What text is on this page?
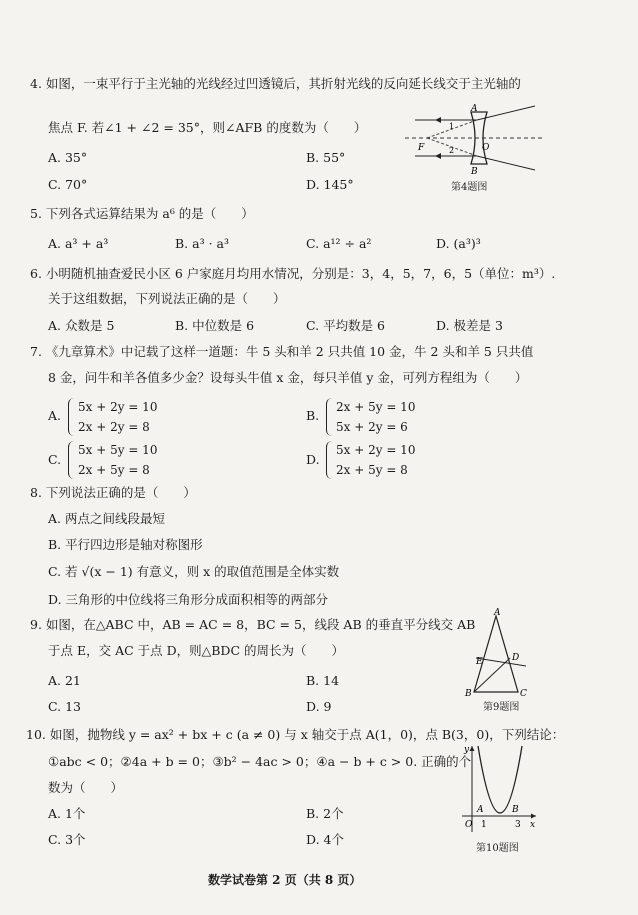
4. 如图，一束平行于主光轴的光线经过凹透镜后，其折射光线的反向延长线交于主光轴的
焦点 F. 若∠1 + ∠2 = 35°，则∠AFB 的度数为（　　）
A. 35°	B. 55°
C. 70°	D. 145°
A
B
O
F
1
2
第4题图
5. 下列各式运算结果为 a⁶ 的是（　　）
A. a³ + a³	B. a³ · a³	C. a¹² ÷ a²	D. (a³)³
6. 小明随机抽查爱民小区 6 户家庭月均用水情况，分别是：3，4，5，7，6，5（单位：m³）.
关于这组数据，下列说法正确的是（　　）
A. 众数是 5	B. 中位数是 6	C. 平均数是 6	D. 极差是 3
7. 《九章算术》中记载了这样一道题：牛 5 头和羊 2 只共值 10 金，牛 2 头和羊 5 只共值
8 金，问牛和羊各值多少金？设每头牛值 x 金，每只羊值 y 金，可列方程组为（　　）
A.
5x + 2y = 10
2x + 2y = 8
B.
2x + 5y = 10
5x + 2y = 6
C.
5x + 5y = 10
2x + 5y = 8
D.
5x + 2y = 10
2x + 5y = 8
8. 下列说法正确的是（　　）
A. 两点之间线段最短
B. 平行四边形是轴对称图形
C. 若 √(x − 1) 有意义，则 x 的取值范围是全体实数
D. 三角形的中位线将三角形分成面积相等的两部分
9. 如图，在△ABC 中，AB = AC = 8，BC = 5，线段 AB 的垂直平分线交 AB
于点 E，交 AC 于点 D，则△BDC 的周长为（　　）
A. 21	B. 14
C. 13	D. 9
A
B	C
D
E
第9题图
10. 如图，抛物线 y = ax² + bx + c (a ≠ 0) 与 x 轴交于点 A(1，0)，点 B(3，0)，下列结论：
①abc < 0；②4a + b = 0；③b² − 4ac > 0；④a − b + c > 0. 正确的个
数为（　　）
A. 1个	B. 2个
C. 3个	D. 4个
y
x
O
A	B
1	3
第10题图
数学试卷第 2 页（共 8 页）
